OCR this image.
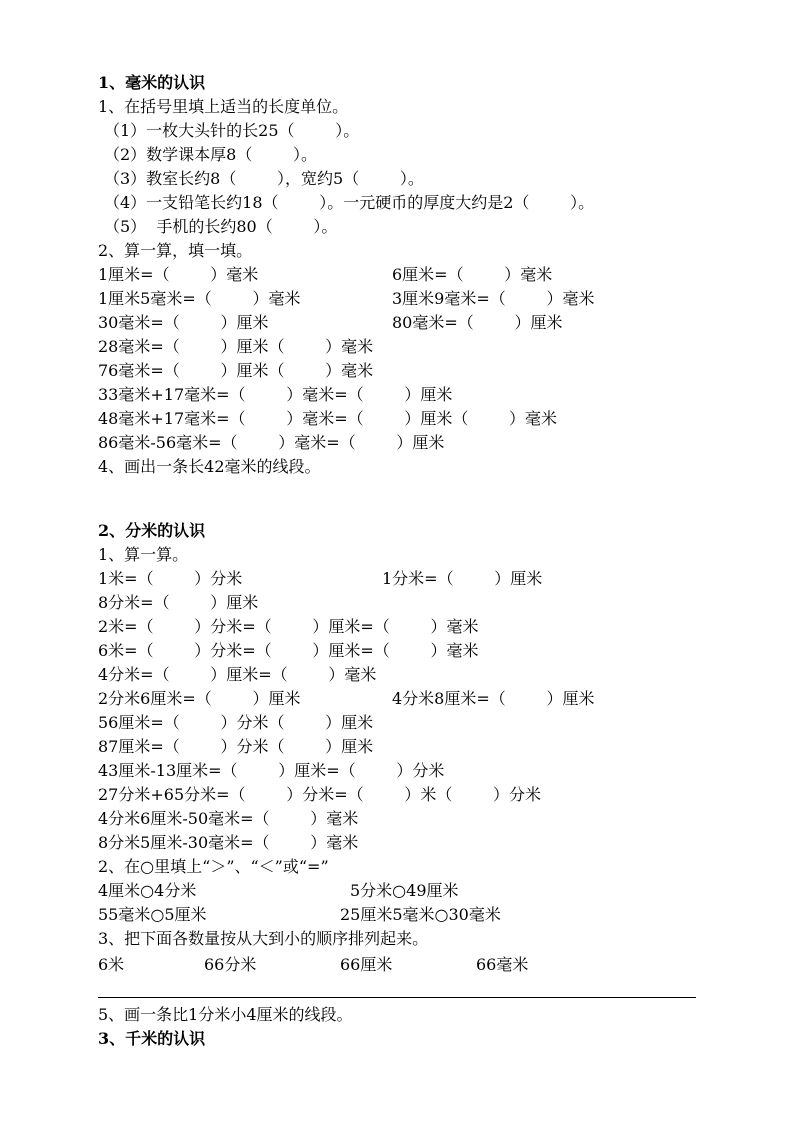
1、毫米的认识
1、在括号里填上适当的长度单位。
（1）一枚大头针的长25（        ）。
（2）数学课本厚8（        ）。
（3）教室长约8（        ），宽约5（        ）。
（4）一支铅笔长约18（        ）。一元硬币的厚度大约是2（        ）。
（5）  手机的长约80（        ）。
2、算一算，填一填。
1厘米=（        ）毫米	6厘米=（        ）毫米
1厘米5毫米=（        ）毫米	3厘米9毫米=（        ）毫米
30毫米=（        ）厘米	80毫米=（        ）厘米
28毫米=（        ）厘米（        ）毫米
76毫米=（        ）厘米（        ）毫米
33毫米+17毫米=（        ）毫米=（        ）厘米
48毫米+17毫米=（        ）毫米=（        ）厘米（        ）毫米
86毫米-56毫米=（        ）毫米=（        ）厘米
4、画出一条长42毫米的线段。
2、分米的认识
1、算一算。
1米=（        ）分米	1分米=（        ）厘米
8分米=（        ）厘米
2米=（        ）分米=（        ）厘米=（        ）毫米
6米=（        ）分米=（        ）厘米=（        ）毫米
4分米=（        ）厘米=（        ）毫米
2分米6厘米=（        ）厘米	4分米8厘米=（        ）厘米
56厘米=（        ）分米（        ）厘米
87厘米=（        ）分米（        ）厘米
43厘米-13厘米=（        ）厘米=（        ）分米
27分米+65分米=（        ）分米=（        ）米（        ）分米
4分米6厘米-50毫米=（        ）毫米
8分米5厘米-30毫米=（        ）毫米
2、在○里填上“＞”、“＜”或“=”
4厘米○4分米	5分米○49厘米
55毫米○5厘米	25厘米5毫米○30毫米
3、把下面各数量按从大到小的顺序排列起来。
6米	66分米	66厘米	66毫米
5、画一条比1分米小4厘米的线段。
3、千米的认识
